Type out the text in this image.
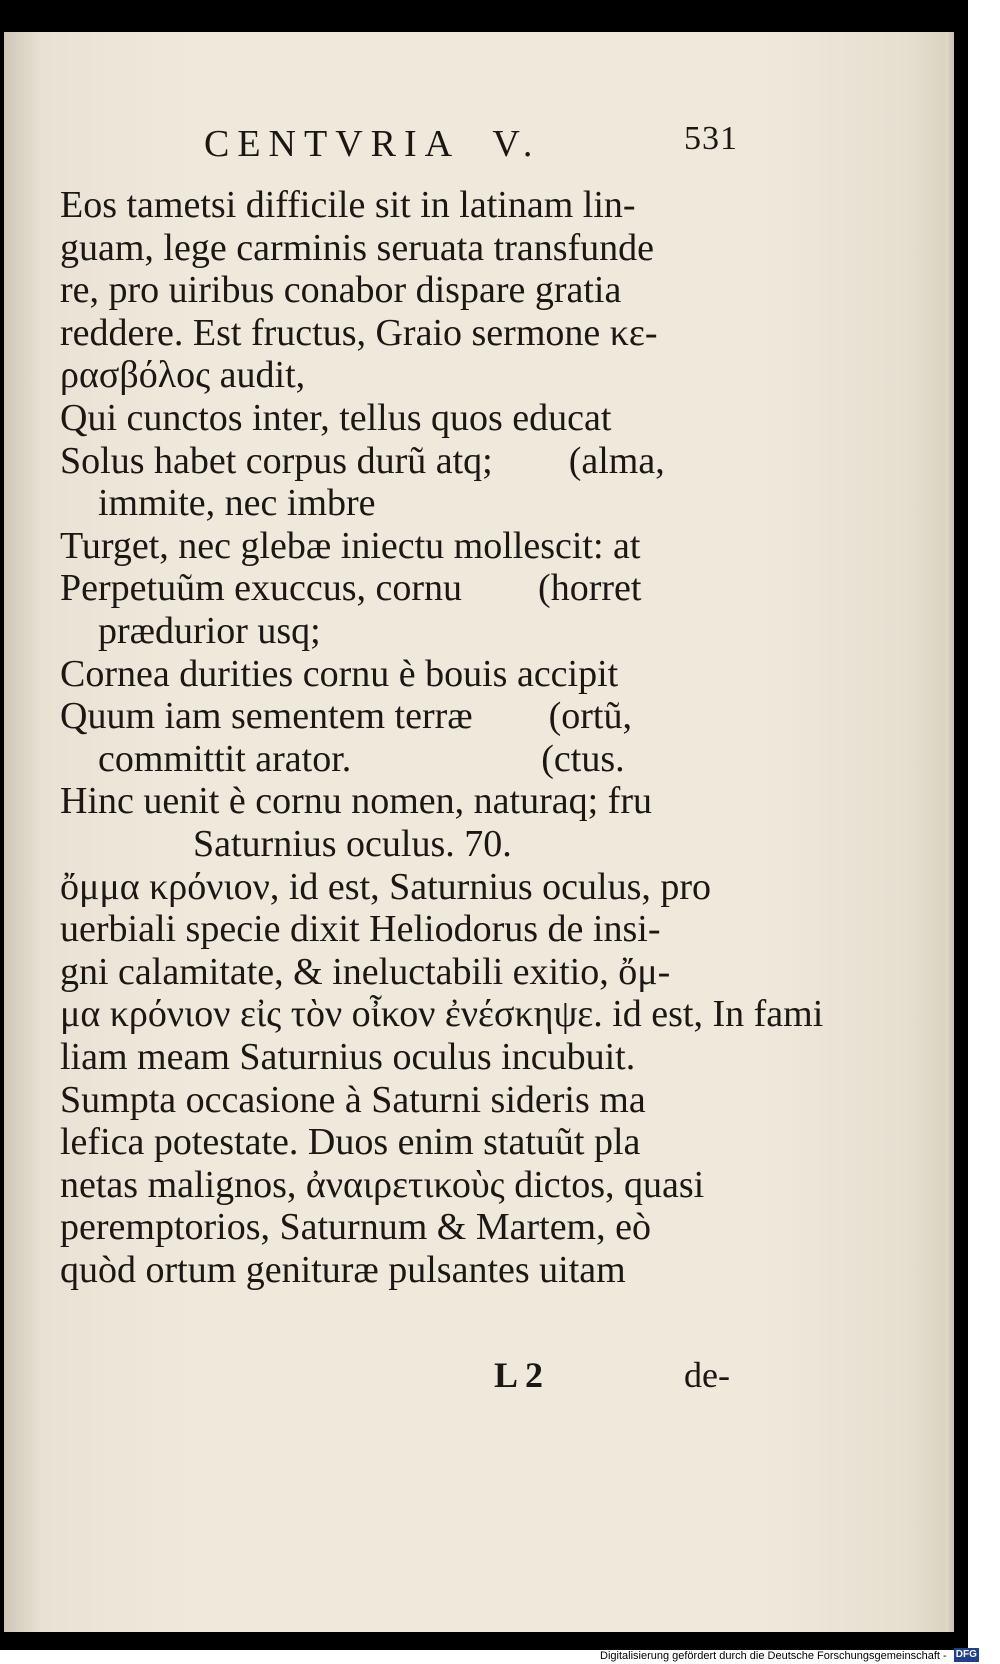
CENTVRIA  V.	531
Eos tametsi difficile sit in latinam lin-
guam, lege carminis seruata transfunde
re, pro uiribus conabor dispare gratia
reddere. Est fructus, Graio sermone κε-
ρασβόλος audit,
Qui cunctos inter, tellus quos educat
Solus habet corpus durũ atq;        (alma,
immite, nec imbre
Turget, nec glebæ iniectu mollescit: at
Perpetuũm exuccus, cornu        (horret
prædurior usq;
Cornea durities cornu è bouis accipit
Quum iam sementem terræ        (ortũ,
committit arator.                    (ctus.
Hinc uenit è cornu nomen, naturaq; fru
Saturnius oculus. 70.
ὄμμα κρόνιον, id est, Saturnius oculus, pro
uerbiali specie dixit Heliodorus de insi-
gni calamitate, & ineluctabili exitio, ὄμ-
μα κρόνιον εἰς τὸν οἶκον ἐνέσκηψε. id est, In fami
liam meam Saturnius oculus incubuit.
Sumpta occasione à Saturni sideris ma
lefica potestate. Duos enim statuũt pla
netas malignos, ἀναιρετικοὺς dictos, quasi
peremptorios, Saturnum & Martem, eò
quòd ortum genituræ pulsantes uitam
L 2	de-
Digitalisierung gefördert durch die Deutsche Forschungsgemeinschaft - DFG
